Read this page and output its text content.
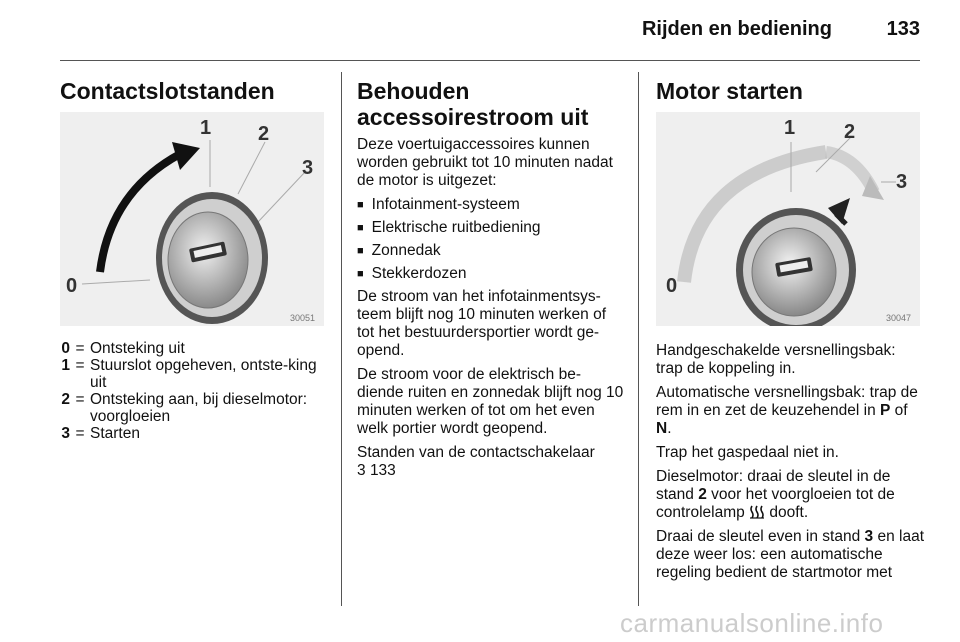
Rijden en bediening	133
Contactslotstanden
1 2
3
0
30051
0 = Ontsteking uit
1 = Stuurslot opgeheven, ontste-king uit
2 = Ontsteking aan, bij dieselmotor: voorgloeien
3 = Starten
Behouden
accessoirestroom uit

Deze voertuigaccessoires kunnen worden gebruikt tot 10 minuten nadat de motor is uitgezet:

■ Infotainment-systeem
■ Elektrische ruitbediening
■ Zonnedak
■ Stekkerdozen

De stroom van het infotainmentsys-teem blijft nog 10 minuten werken of tot het bestuurdersportier wordt ge-opend.

De stroom voor de elektrisch be-diende ruiten en zonnedak blijft nog 10 minuten werken of tot om het even welk portier wordt geopend.

Standen van de contactschakelaar

3 133

Motor starten
1 2
3
0
30047

Handgeschakelde versnellingsbak: trap de koppeling in.

Automatische versnellingsbak: trap de rem in en zet de keuzehendel in P of N.

Trap het gaspedaal niet in.

Dieselmotor: draai de sleutel in de stand 2 voor het voorgloeien tot de controlelamp  dooft.

Draai de sleutel even in stand 3 en laat deze weer los: een automatische regeling bedient de startmotor met

carmanualsonline.info
